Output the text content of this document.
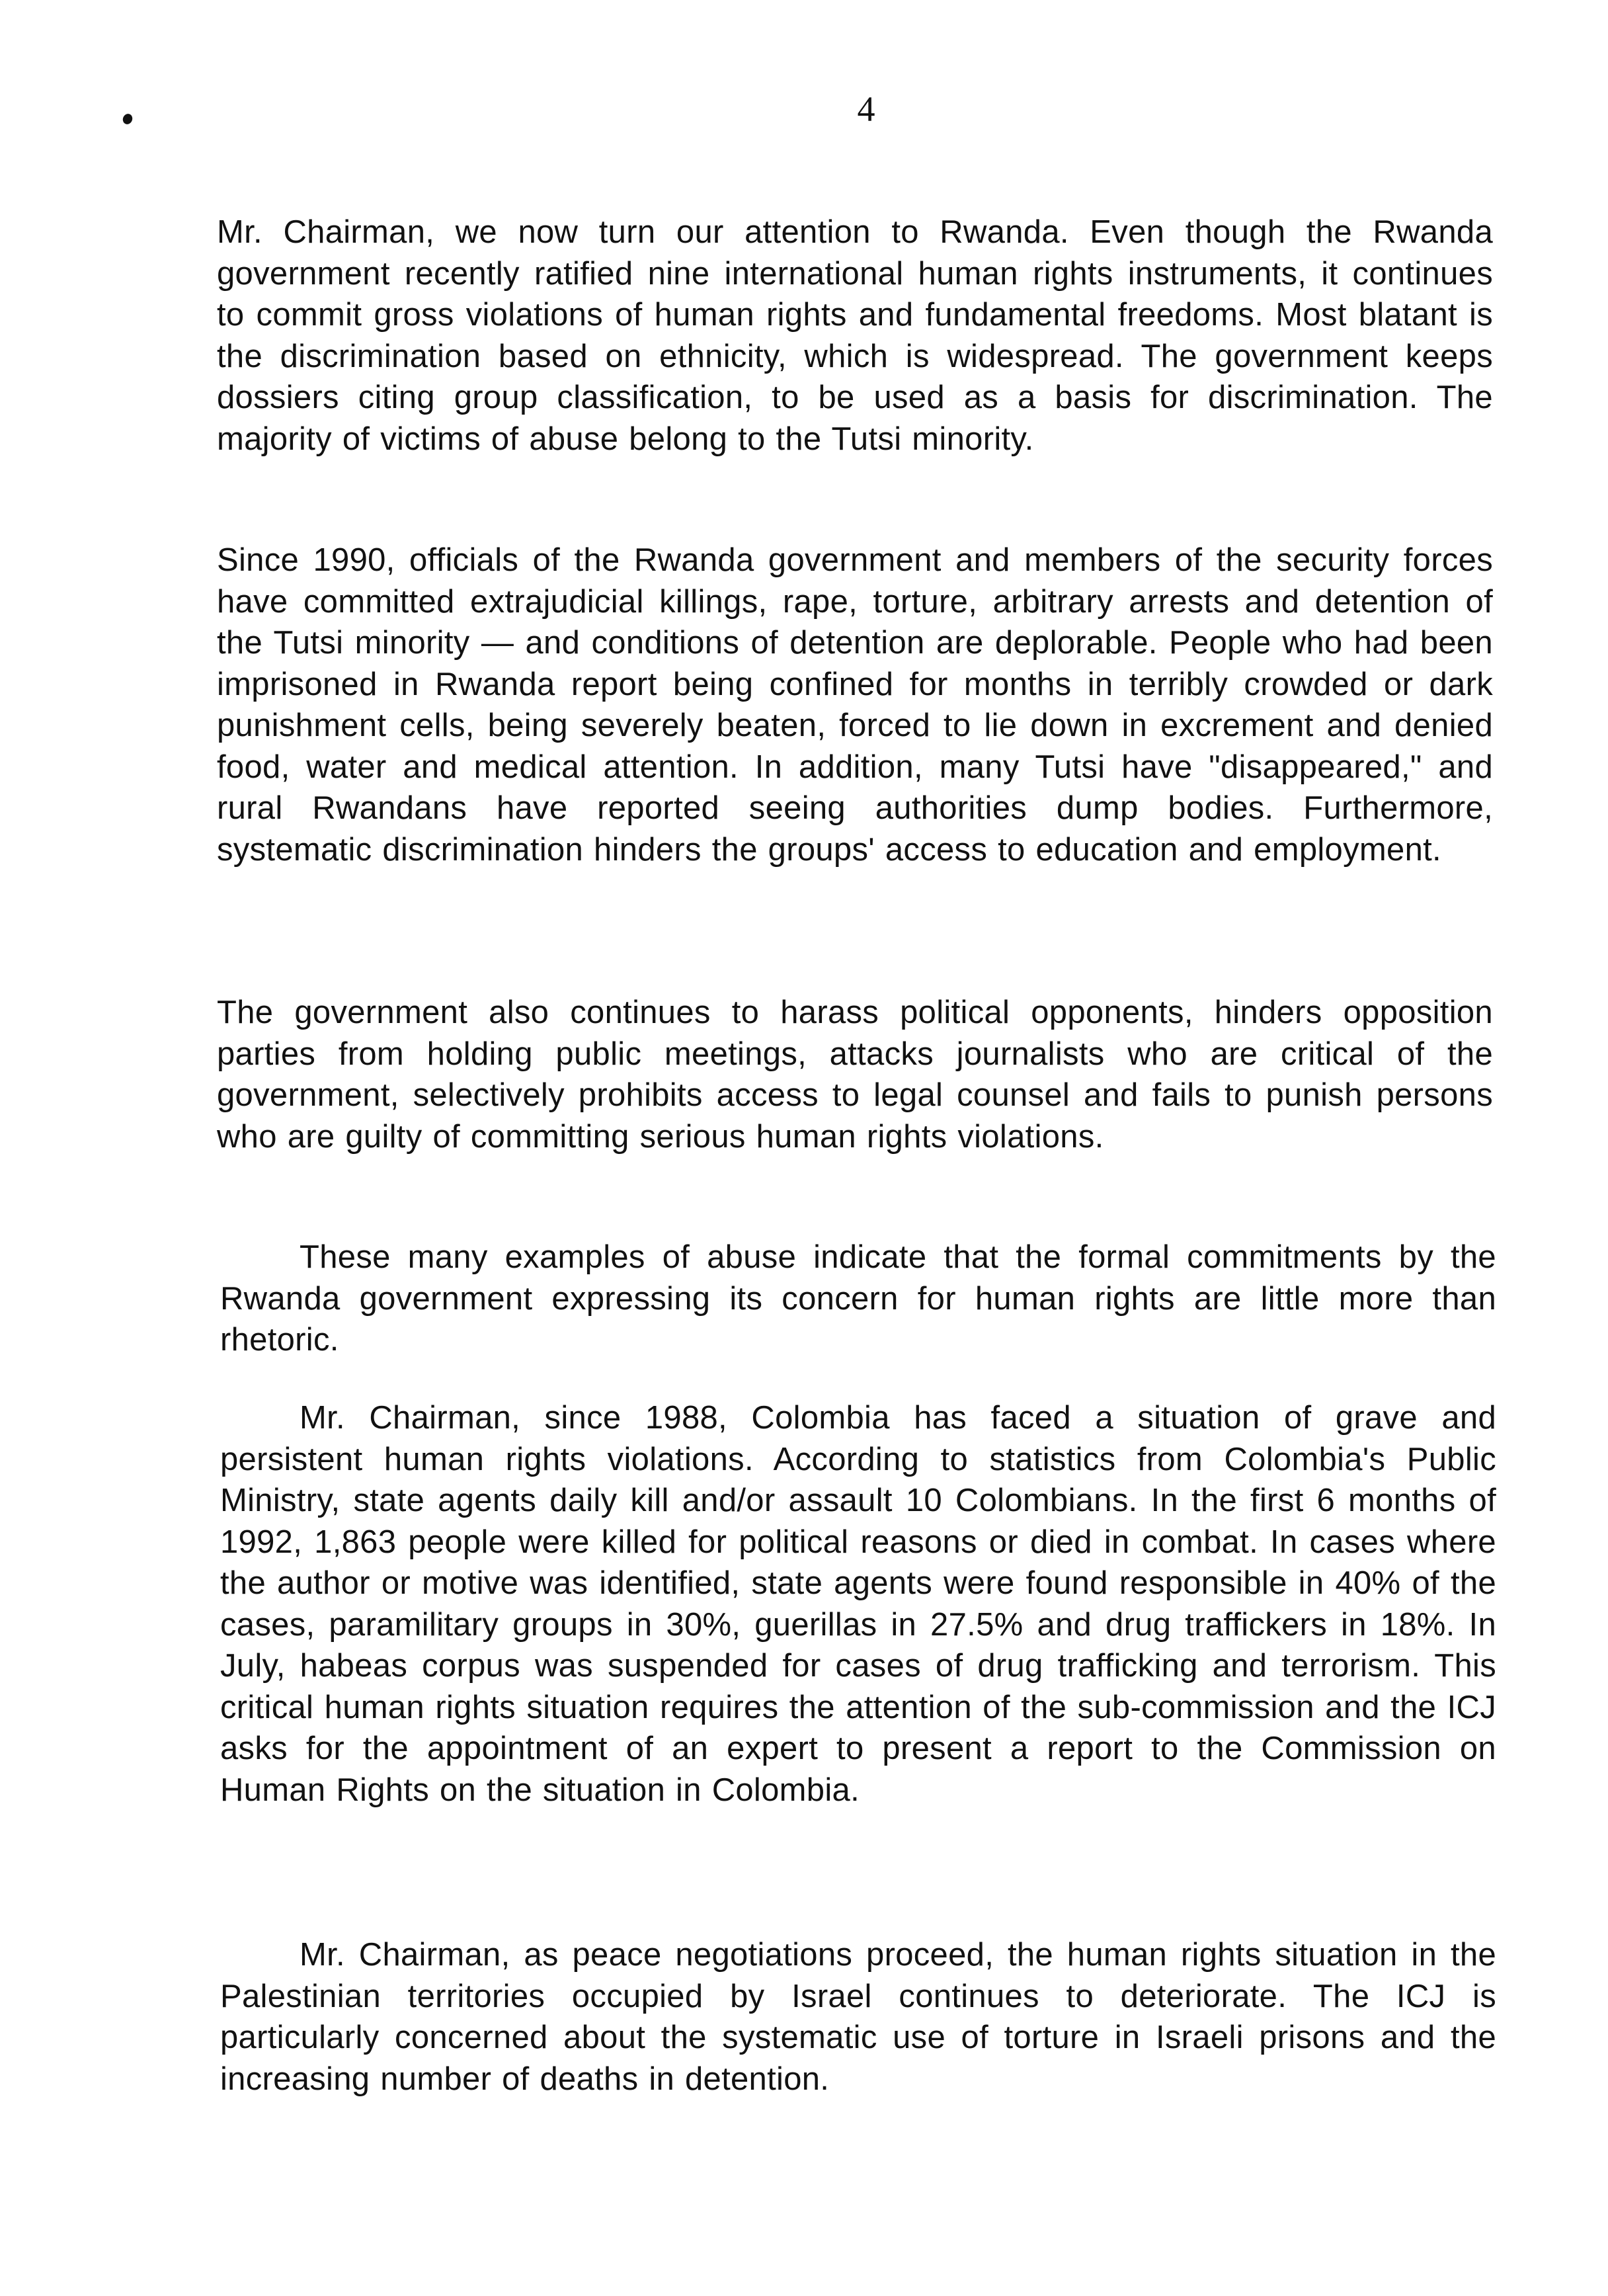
4

Mr. Chairman, we now turn our attention to Rwanda. Even though the Rwanda government recently ratified nine international human rights instruments, it continues to commit gross violations of human rights and fundamental freedoms. Most blatant is the discrimination based on ethnicity, which is widespread. The government keeps dossiers citing group classification, to be used as a basis for discrimination. The majority of victims of abuse belong to the Tutsi minority.

Since 1990, officials of the Rwanda government and members of the security forces have committed extrajudicial killings, rape, torture, arbitrary arrests and detention of the Tutsi minority — and conditions of detention are deplorable. People who had been imprisoned in Rwanda report being confined for months in terribly crowded or dark punishment cells, being severely beaten, forced to lie down in excrement and denied food, water and medical attention. In addition, many Tutsi have "disappeared," and rural Rwandans have reported seeing authorities dump bodies. Furthermore, systematic discrimination hinders the groups' access to education and employment.

The government also continues to harass political opponents, hinders opposition parties from holding public meetings, attacks journalists who are critical of the government, selectively prohibits access to legal counsel and fails to punish persons who are guilty of committing serious human rights violations.

These many examples of abuse indicate that the formal commitments by the Rwanda government expressing its concern for human rights are little more than rhetoric.

Mr. Chairman, since 1988, Colombia has faced a situation of grave and persistent human rights violations. According to statistics from Colombia's Public Ministry, state agents daily kill and/or assault 10 Colombians. In the first 6 months of 1992, 1,863 people were killed for political reasons or died in combat. In cases where the author or motive was identified, state agents were found responsible in 40% of the cases, paramilitary groups in 30%, guerillas in 27.5% and drug traffickers in 18%. In July, habeas corpus was suspended for cases of drug trafficking and terrorism. This critical human rights situation requires the attention of the sub-commission and the ICJ asks for the appointment of an expert to present a report to the Commission on Human Rights on the situation in Colombia.

Mr. Chairman, as peace negotiations proceed, the human rights situation in the Palestinian territories occupied by Israel continues to deteriorate. The ICJ is particularly concerned about the systematic use of torture in Israeli prisons and the increasing number of deaths in detention.
